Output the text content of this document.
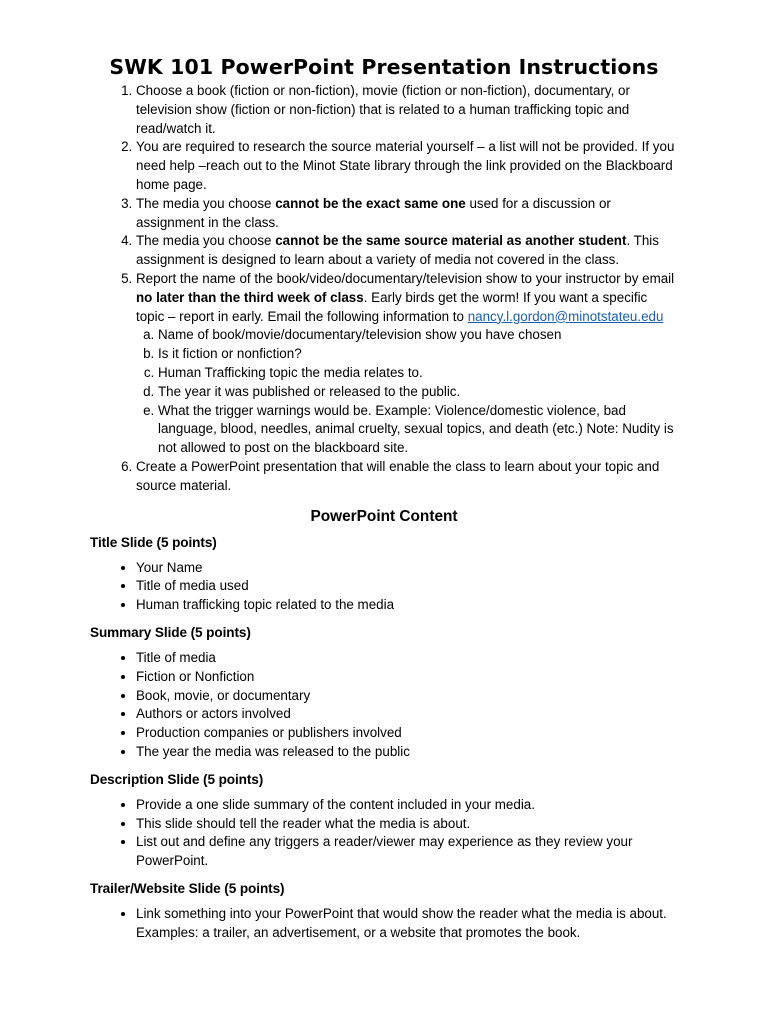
SWK 101 PowerPoint Presentation Instructions
1. Choose a book (fiction or non-fiction), movie (fiction or non-fiction), documentary, or television show (fiction or non-fiction) that is related to a human trafficking topic and read/watch it.
2. You are required to research the source material yourself – a list will not be provided. If you need help –reach out to the Minot State library through the link provided on the Blackboard home page.
3. The media you choose cannot be the exact same one used for a discussion or assignment in the class.
4. The media you choose cannot be the same source material as another student. This assignment is designed to learn about a variety of media not covered in the class.
5. Report the name of the book/video/documentary/television show to your instructor by email no later than the third week of class. Early birds get the worm! If you want a specific topic – report in early. Email the following information to nancy.l.gordon@minotstateu.edu
a. Name of book/movie/documentary/television show you have chosen
b. Is it fiction or nonfiction?
c. Human Trafficking topic the media relates to.
d. The year it was published or released to the public.
e. What the trigger warnings would be. Example: Violence/domestic violence, bad language, blood, needles, animal cruelty, sexual topics, and death (etc.) Note: Nudity is not allowed to post on the blackboard site.
6. Create a PowerPoint presentation that will enable the class to learn about your topic and source material.
PowerPoint Content
Title Slide (5 points)
• Your Name
• Title of media used
• Human trafficking topic related to the media
Summary Slide (5 points)
• Title of media
• Fiction or Nonfiction
• Book, movie, or documentary
• Authors or actors involved
• Production companies or publishers involved
• The year the media was released to the public
Description Slide (5 points)
• Provide a one slide summary of the content included in your media.
• This slide should tell the reader what the media is about.
• List out and define any triggers a reader/viewer may experience as they review your PowerPoint.
Trailer/Website Slide (5 points)
• Link something into your PowerPoint that would show the reader what the media is about. Examples: a trailer, an advertisement, or a website that promotes the book.
